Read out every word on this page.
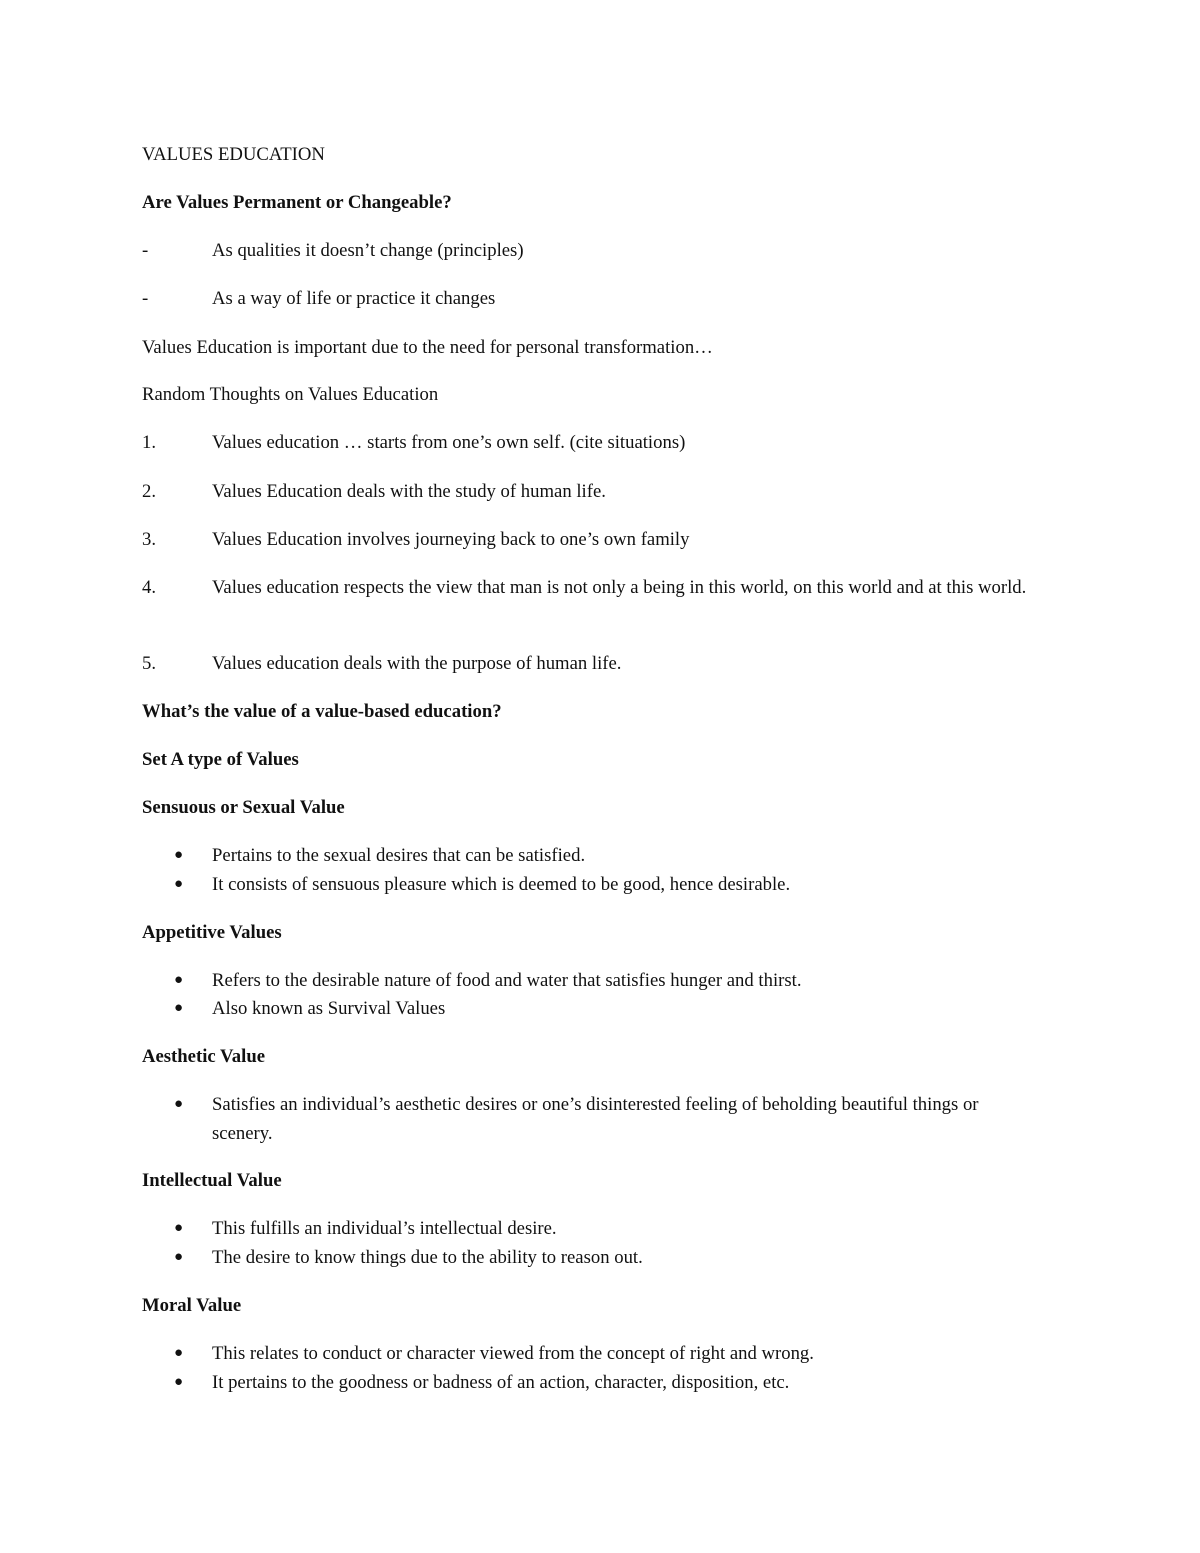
VALUES EDUCATION
Are Values Permanent or Changeable?
-	As qualities it doesn’t change (principles)
-	As a way of life or practice it changes
Values Education is important due to the need for personal transformation…
Random Thoughts on Values Education
1.	Values education … starts from one’s own self. (cite situations)
2.	Values Education deals with the study of human life.
3.	Values Education involves journeying back to one’s own family
4.	Values education respects the view that man is not only a being in this world, on this world and at this world.
5.	Values education deals with the purpose of human life.
What’s the value of a value-based education?
Set A type of Values
Sensuous or Sexual Value
● Pertains to the sexual desires that can be satisfied.
● It consists of sensuous pleasure which is deemed to be good, hence desirable.
Appetitive Values
● Refers to the desirable nature of food and water that satisfies hunger and thirst.
● Also known as Survival Values
Aesthetic Value
● Satisfies an individual’s aesthetic desires or one’s disinterested feeling of beholding beautiful things or scenery.
Intellectual Value
● This fulfills an individual’s intellectual desire.
● The desire to know things due to the ability to reason out.
Moral Value
● This relates to conduct or character viewed from the concept of right and wrong.
● It pertains to the goodness or badness of an action, character, disposition, etc.
